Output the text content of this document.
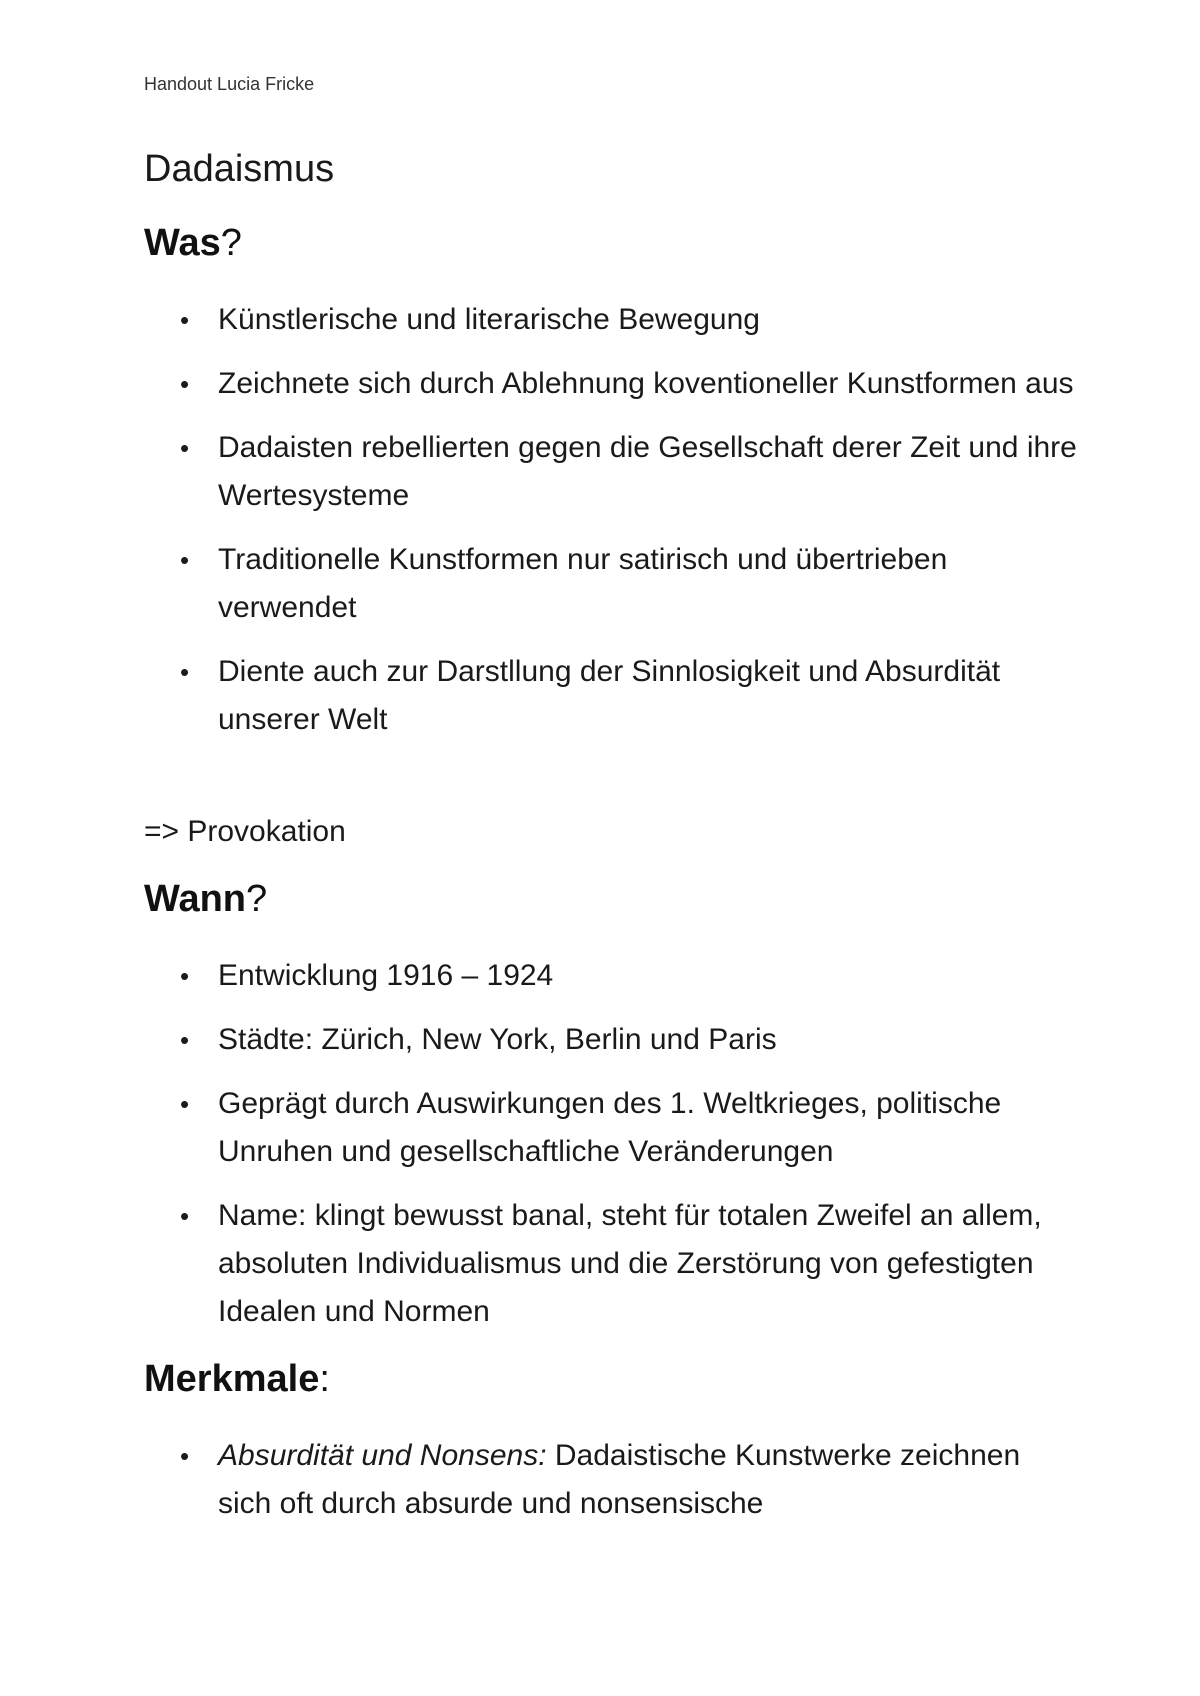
Handout Lucia Fricke
Dadaismus
Was?
• Künstlerische und literarische Bewegung
• Zeichnete sich durch Ablehnung koventioneller Kunstformen aus
• Dadaisten rebellierten gegen die Gesellschaft derer Zeit und ihre Wertesysteme
• Traditionelle Kunstformen nur satirisch und übertrieben verwendet
• Diente auch zur Darstllung der Sinnlosigkeit und Absurdität unserer Welt
=> Provokation
Wann?
• Entwicklung 1916 – 1924
• Städte: Zürich, New York, Berlin und Paris
• Geprägt durch Auswirkungen des 1. Weltkrieges, politische Unruhen und gesellschaftliche Veränderungen
• Name: klingt bewusst banal, steht für totalen Zweifel an allem, absoluten Individualismus und die Zerstörung von gefestigten Idealen und Normen
Merkmale:
• Absurdität und Nonsens: Dadaistische Kunstwerke zeichnen sich oft durch absurde und nonsensische
